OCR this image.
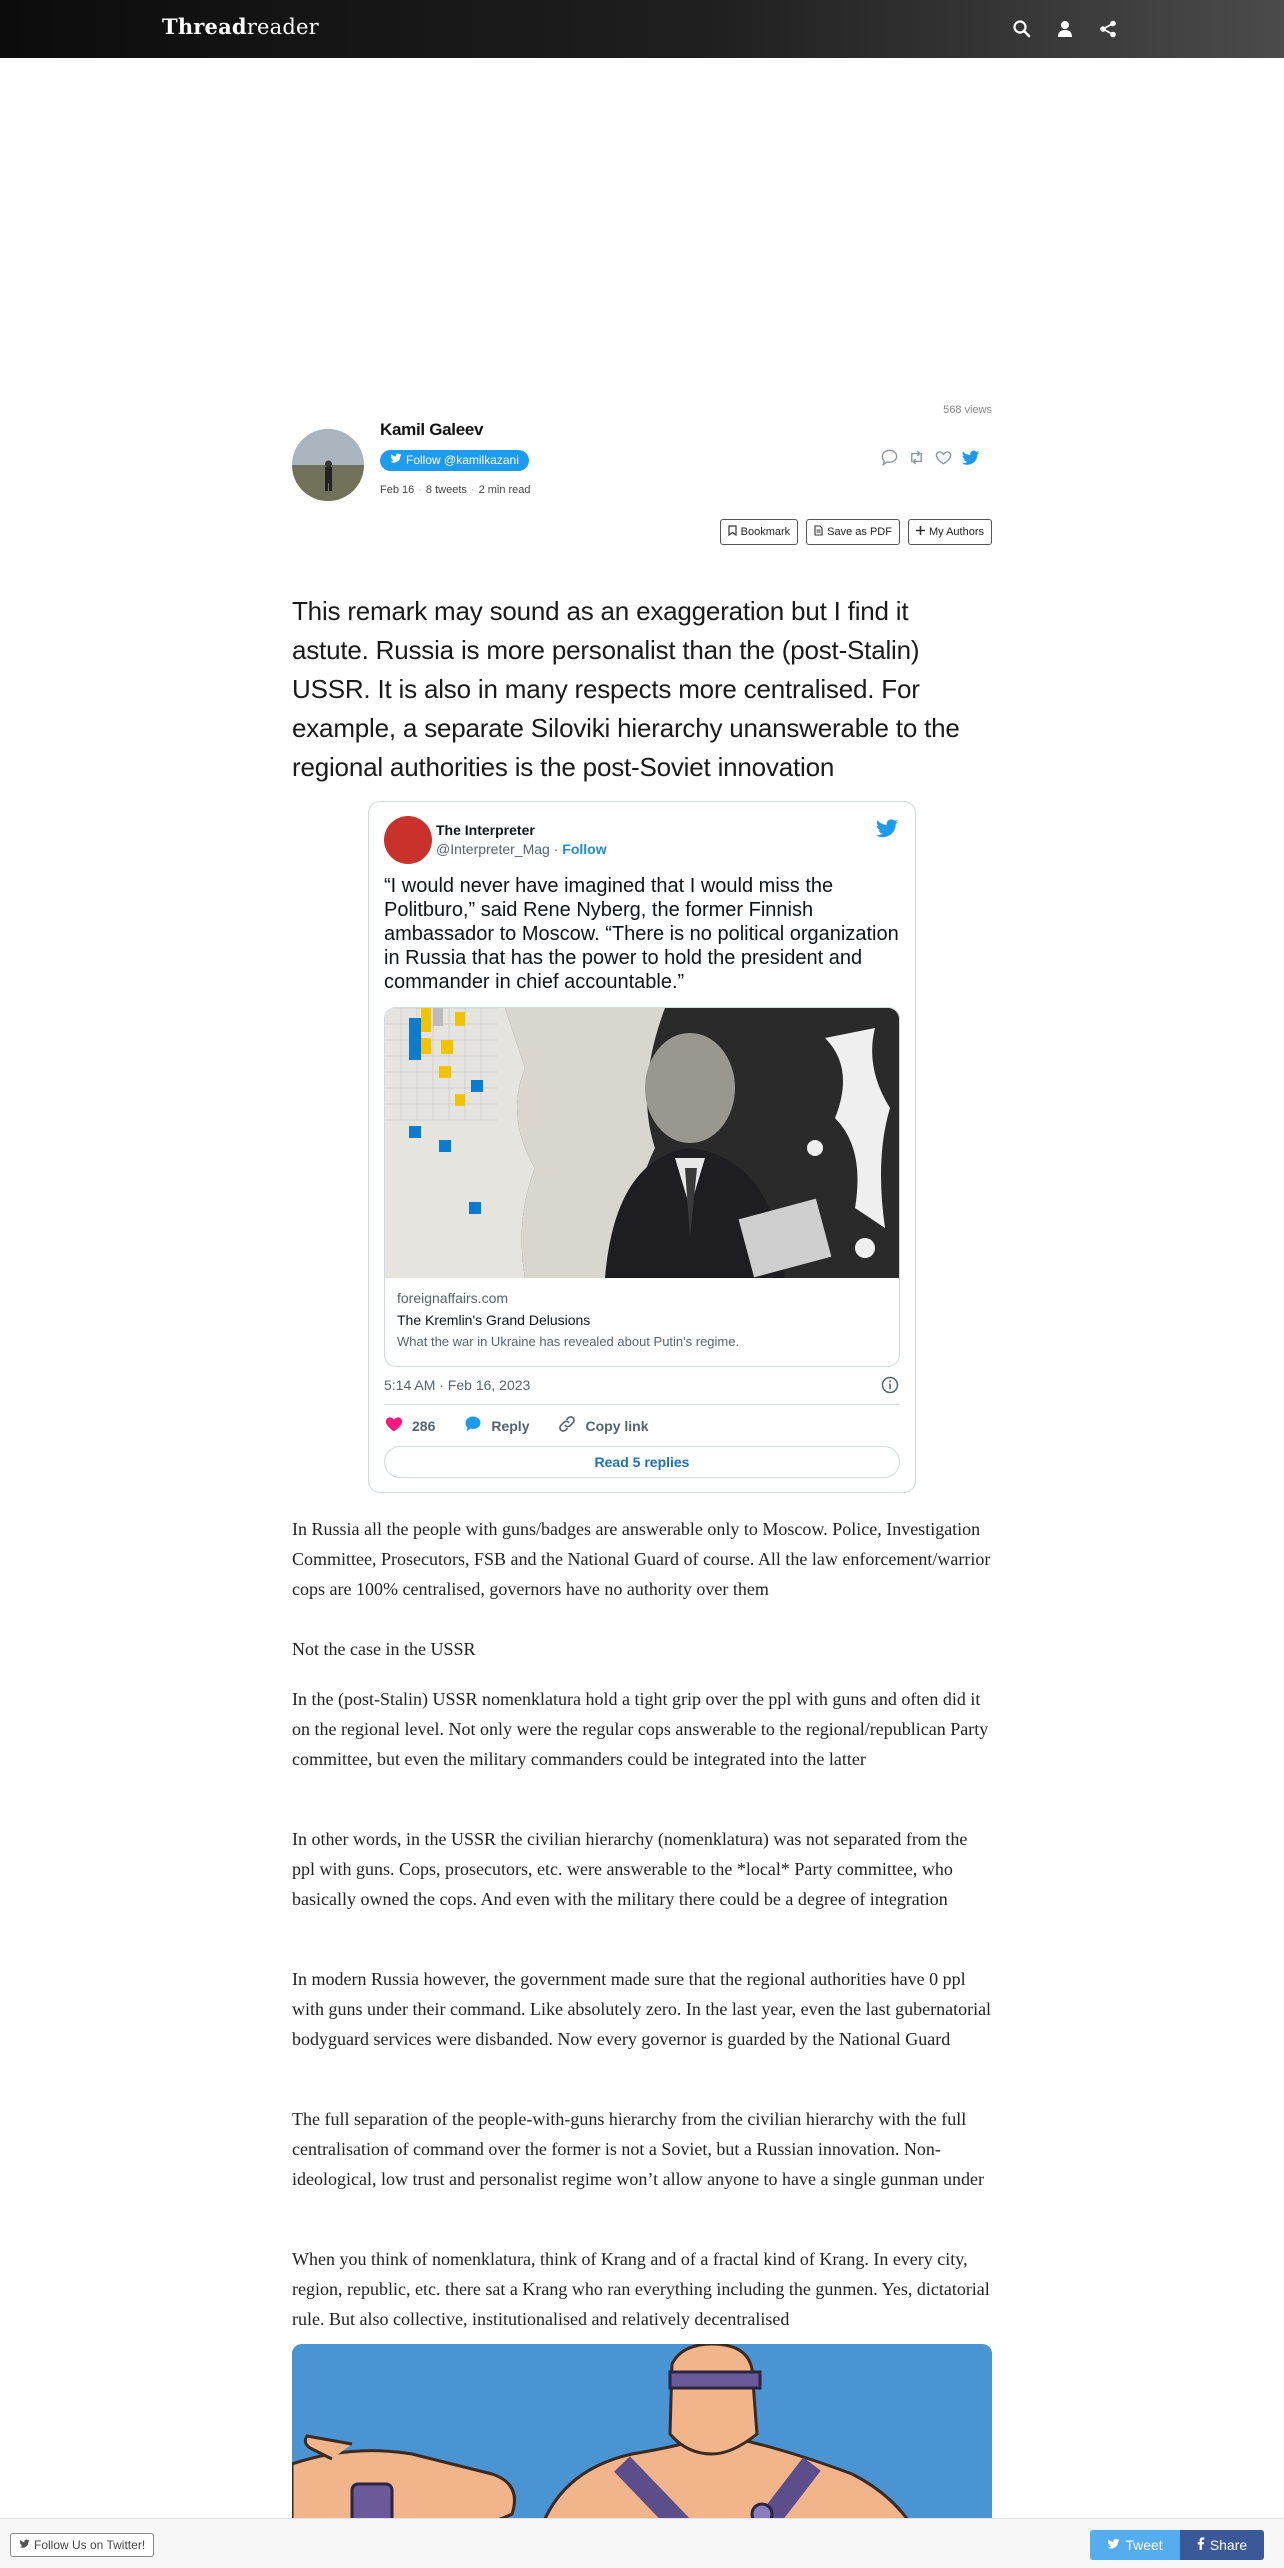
Threadreader
568 views
Kamil Galeev
Follow @kamilkazani
Feb 16 · 8 tweets · 2 min read
Bookmark	Save as PDF	My Authors
This remark may sound as an exaggeration but I find it astute. Russia is more personalist than the (post-Stalin) USSR. It is also in many respects more centralised. For example, a separate Siloviki hierarchy unanswerable to the regional authorities is the post-Soviet innovation
The Interpreter
@Interpreter_Mag · Follow
“I would never have imagined that I would miss the Politburo,” said Rene Nyberg, the former Finnish ambassador to Moscow. “There is no political organization in Russia that has the power to hold the president and commander in chief accountable.”
foreignaffairs.com
The Kremlin's Grand Delusions
What the war in Ukraine has revealed about Putin's regime.
5:14 AM · Feb 16, 2023
286	Reply	Copy link
Read 5 replies
In Russia all the people with guns/badges are answerable only to Moscow. Police, Investigation Committee, Prosecutors, FSB and the National Guard of course. All the law enforcement/warrior cops are 100% centralised, governors have no authority over them
Not the case in the USSR
In the (post-Stalin) USSR nomenklatura hold a tight grip over the ppl with guns and often did it on the regional level. Not only were the regular cops answerable to the regional/republican Party committee, but even the military commanders could be integrated into the latter
In other words, in the USSR the civilian hierarchy (nomenklatura) was not separated from the ppl with guns. Cops, prosecutors, etc. were answerable to the *local* Party committee, who basically owned the cops. And even with the military there could be a degree of integration
In modern Russia however, the government made sure that the regional authorities have 0 ppl with guns under their command. Like absolutely zero. In the last year, even the last gubernatorial bodyguard services were disbanded. Now every governor is guarded by the National Guard
The full separation of the people-with-guns hierarchy from the civilian hierarchy with the full centralisation of command over the former is not a Soviet, but a Russian innovation. Non-ideological, low trust and personalist regime won’t allow anyone to have a single gunman under
When you think of nomenklatura, think of Krang and of a fractal kind of Krang. In every city, region, republic, etc. there sat a Krang who ran everything including the gunmen. Yes, dictatorial rule. But also collective, institutionalised and relatively decentralised
Follow Us on Twitter!	Tweet	Share
